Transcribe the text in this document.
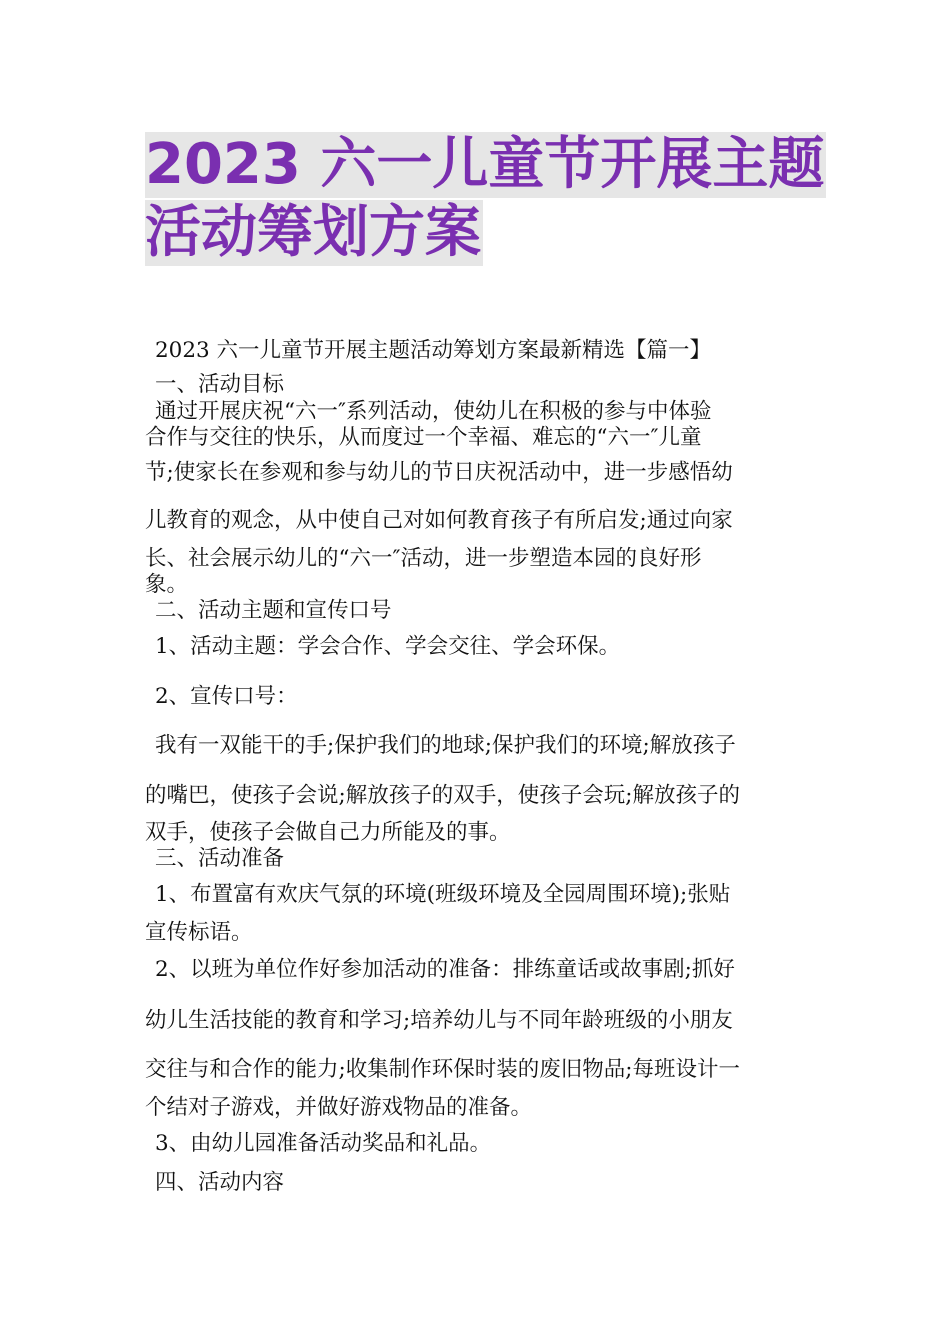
2023 六一儿童节开展主题
活动筹划方案
2023 六一儿童节开展主题活动筹划方案最新精选【篇一】
一、活动目标
通过开展庆祝“六一″系列活动，使幼儿在积极的参与中体验
合作与交往的快乐，从而度过一个幸福、难忘的“六一″儿童
节;使家长在参观和参与幼儿的节日庆祝活动中，进一步感悟幼
儿教育的观念，从中使自己对如何教育孩子有所启发;通过向家
长、社会展示幼儿的“六一″活动，进一步塑造本园的良好形
象。
二、活动主题和宣传口号
1、活动主题：学会合作、学会交往、学会环保。
2、宣传口号：
我有一双能干的手;保护我们的地球;保护我们的环境;解放孩子
的嘴巴，使孩子会说;解放孩子的双手，使孩子会玩;解放孩子的
双手，使孩子会做自己力所能及的事。
三、活动准备
1、布置富有欢庆气氛的环境(班级环境及全园周围环境);张贴
宣传标语。
2、以班为单位作好参加活动的准备：排练童话或故事剧;抓好
幼儿生活技能的教育和学习;培养幼儿与不同年龄班级的小朋友
交往与和合作的能力;收集制作环保时装的废旧物品;每班设计一
个结对子游戏，并做好游戏物品的准备。
3、由幼儿园准备活动奖品和礼品。
四、活动内容
